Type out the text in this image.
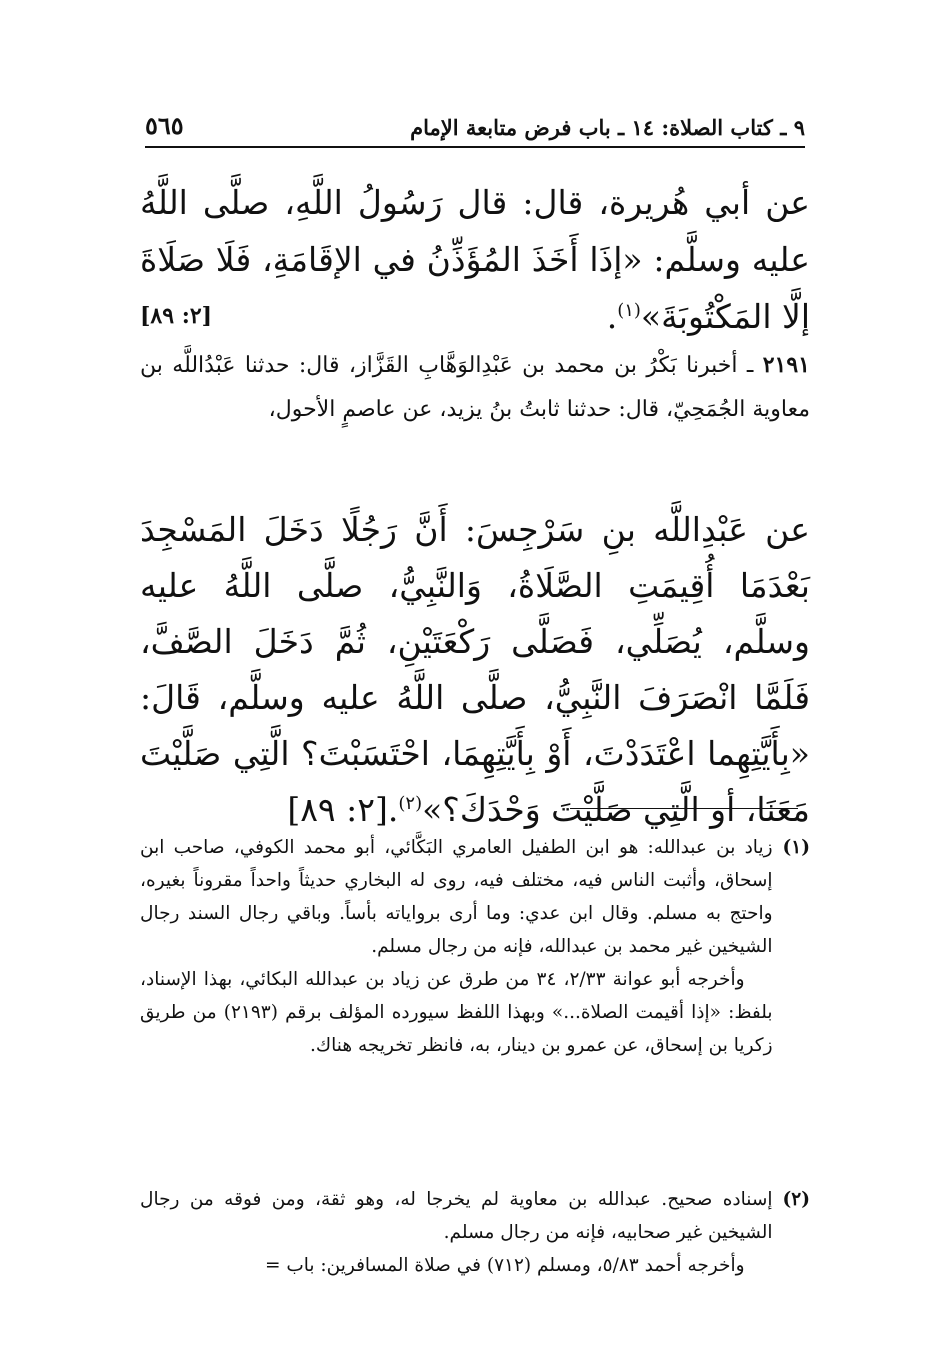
٥٦٥	٩ ـ كتاب الصلاة: ١٤ ـ باب فرض متابعة الإمام
عن أبي هُريرة، قال: قال رَسُولُ اللَّهِ، صلَّى اللَّهُ عليه وسلَّم: «إذَا أَخَذَ المُؤَذِّنُ في الإقَامَةِ، فَلَا صَلَاةَ إلَّا المَكْتُوبَةَ»$^{(١)}$.
[٢: ٨٩]
٢١٩١ ـ أخبرنا بَكْرُ بن محمد بن عَبْدِالوَهَّابِ القَزَّاز، قال: حدثنا عَبْدُاللَّه بن معاوية الجُمَحِيّ، قال: حدثنا ثابتُ بنُ يزيد، عن عاصمٍ الأحول،
عن عَبْدِاللَّه بنِ سَرْجِسَ: أَنَّ رَجُلًا دَخَلَ المَسْجِدَ بَعْدَمَا أُقِيمَتِ الصَّلَاةُ، وَالنَّبِيُّ، صلَّى اللَّهُ عليه وسلَّم، يُصَلِّي، فَصَلَّى رَكْعَتَيْنِ، ثُمَّ دَخَلَ الصَّفَّ، فَلَمَّا انْصَرَفَ النَّبِيُّ، صلَّى اللَّهُ عليه وسلَّم، قَالَ: «بِأَيَّتِهِما اعْتَدَدْتَ، أَوْ بِأَيَّتِهِمَا، احْتَسَبْتَ؟ الَّتِي صَلَّيْتَ مَعَنَا، أو الَّتِي صَلَّيْتَ وَحْدَكَ؟»$^{(٢)}$.[٢: ٨٩]
(١)

زياد بن عبدالله: هو ابن الطفيل العامري البَكَّائي، أبو محمد الكوفي، صاحب ابن إسحاق، وأثبت الناس فيه، مختلف فيه، روى له البخاري حديثاً واحداً مقروناً بغيره، واحتج به مسلم. وقال ابن عدي: وما أرى برواياته بأساً. وباقي رجال السند رجال الشيخين غير محمد بن عبدالله، فإنه من رجال مسلم.

وأخرجه أبو عوانة ٢/٣٣، ٣٤ من طرق عن زياد بن عبدالله البكائي، بهذا الإسناد، بلفظ: «إذا أقيمت الصلاة...» وبهذا اللفظ سيورده المؤلف برقم (٢١٩٣) من طريق زكريا بن إسحاق، عن عمرو بن دينار، به، فانظر تخريجه هناك.

(٢)

إسناده صحيح. عبدالله بن معاوية لم يخرجا له، وهو ثقة، ومن فوقه من رجال الشيخين غير صحابيه، فإنه من رجال مسلم.

وأخرجه أحمد ٥/٨٣، ومسلم (٧١٢) في صلاة المسافرين: باب =
